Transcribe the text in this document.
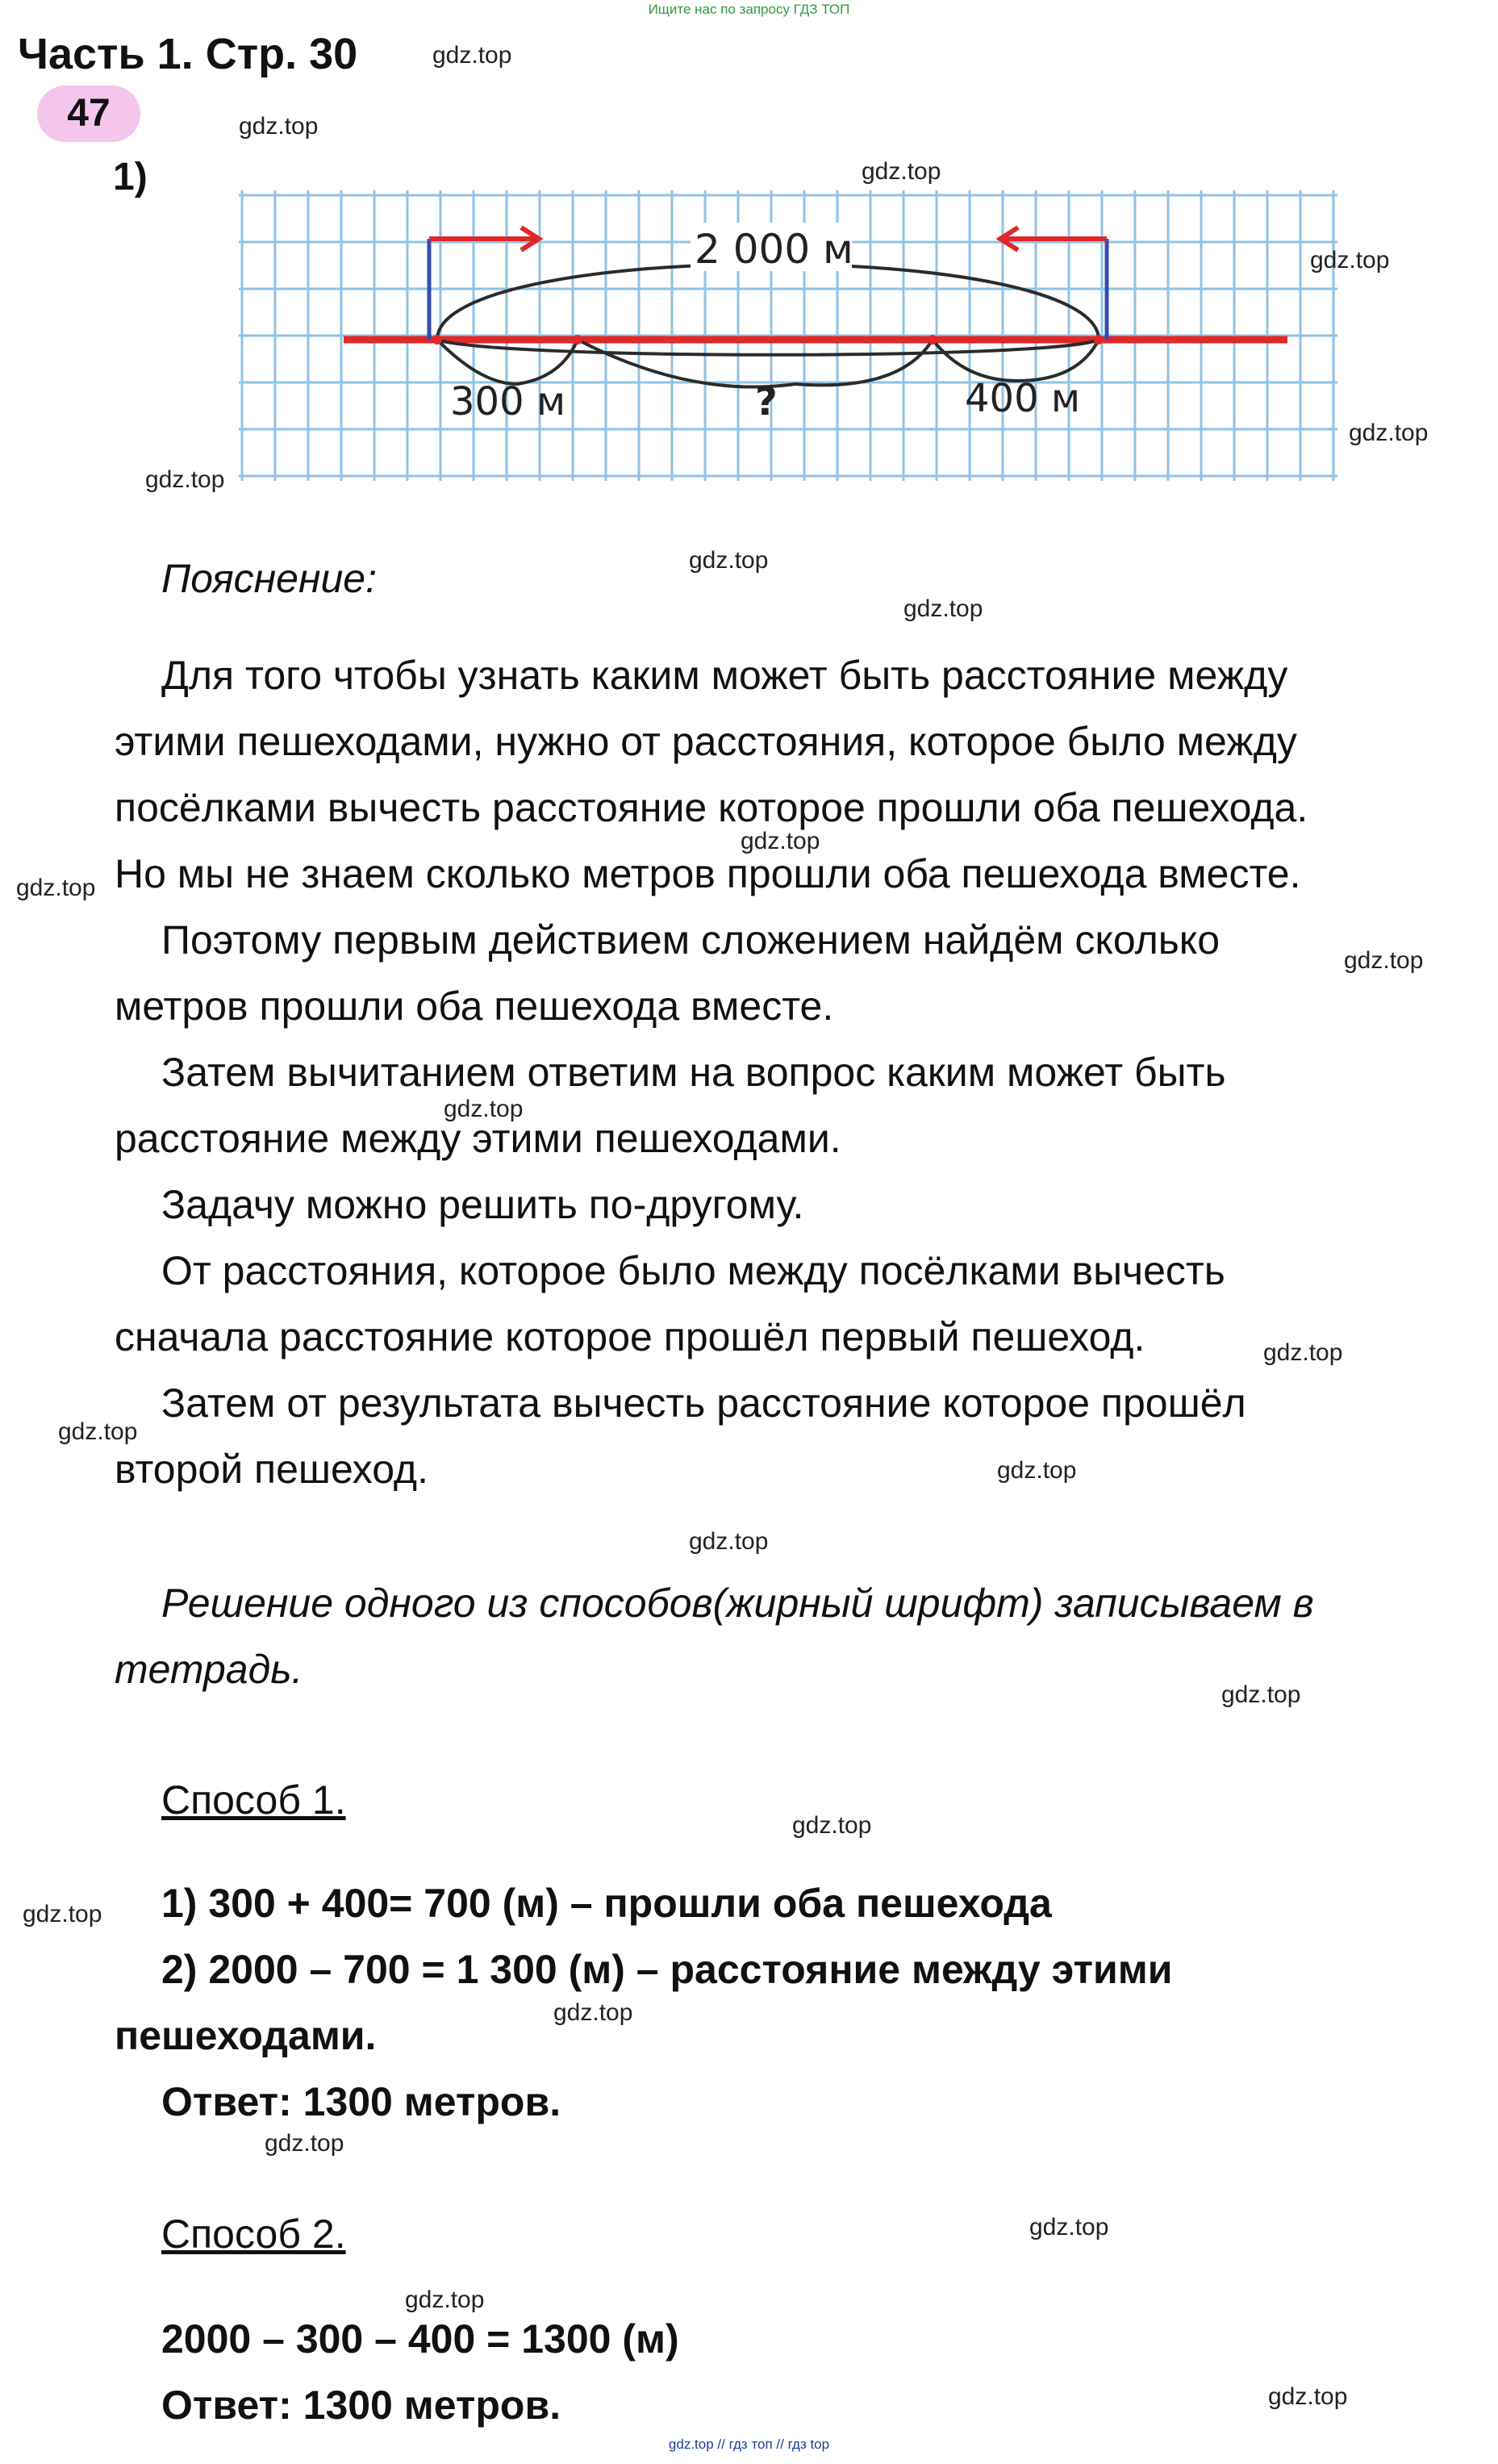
Ищите нас по запросу ГДЗ ТОП
Часть 1. Стр. 30
47
1)
2 000 м
300 м	?	400 м
Пояснение:
Для того чтобы узнать каким может быть расстояние между
этими пешеходами, нужно от расстояния, которое было между
посёлками вычесть расстояние которое прошли оба пешехода.
Но мы не знаем сколько метров прошли оба пешехода вместе.
Поэтому первым действием сложением найдём сколько
метров прошли оба пешехода вместе.
Затем вычитанием ответим на вопрос каким может быть
расстояние между этими пешеходами.
Задачу можно решить по-другому.
От расстояния, которое было между посёлками вычесть
сначала расстояние которое прошёл первый пешеход.
Затем от результата вычесть расстояние которое прошёл
второй пешеход.
Решение одного из способов(жирный шрифт) записываем в
тетрадь.
Способ 1.
1) 300 + 400= 700 (м) – прошли оба пешехода
2) 2000 – 700 = 1 300 (м) – расстояние между этими
пешеходами.
Ответ: 1300 метров.
Способ 2.
2000 – 300 – 400 = 1300 (м)
Ответ: 1300 метров.
gdz.top
gdz.top
gdz.top
gdz.top
gdz.top
gdz.top
gdz.top
gdz.top
gdz.top
gdz.top
gdz.top
gdz.top
gdz.top
gdz.top
gdz.top
gdz.top
gdz.top
gdz.top
gdz.top
gdz.top
gdz.top
gdz.top
gdz.top
gdz.top
gdz.top // гдз топ // гдз top
